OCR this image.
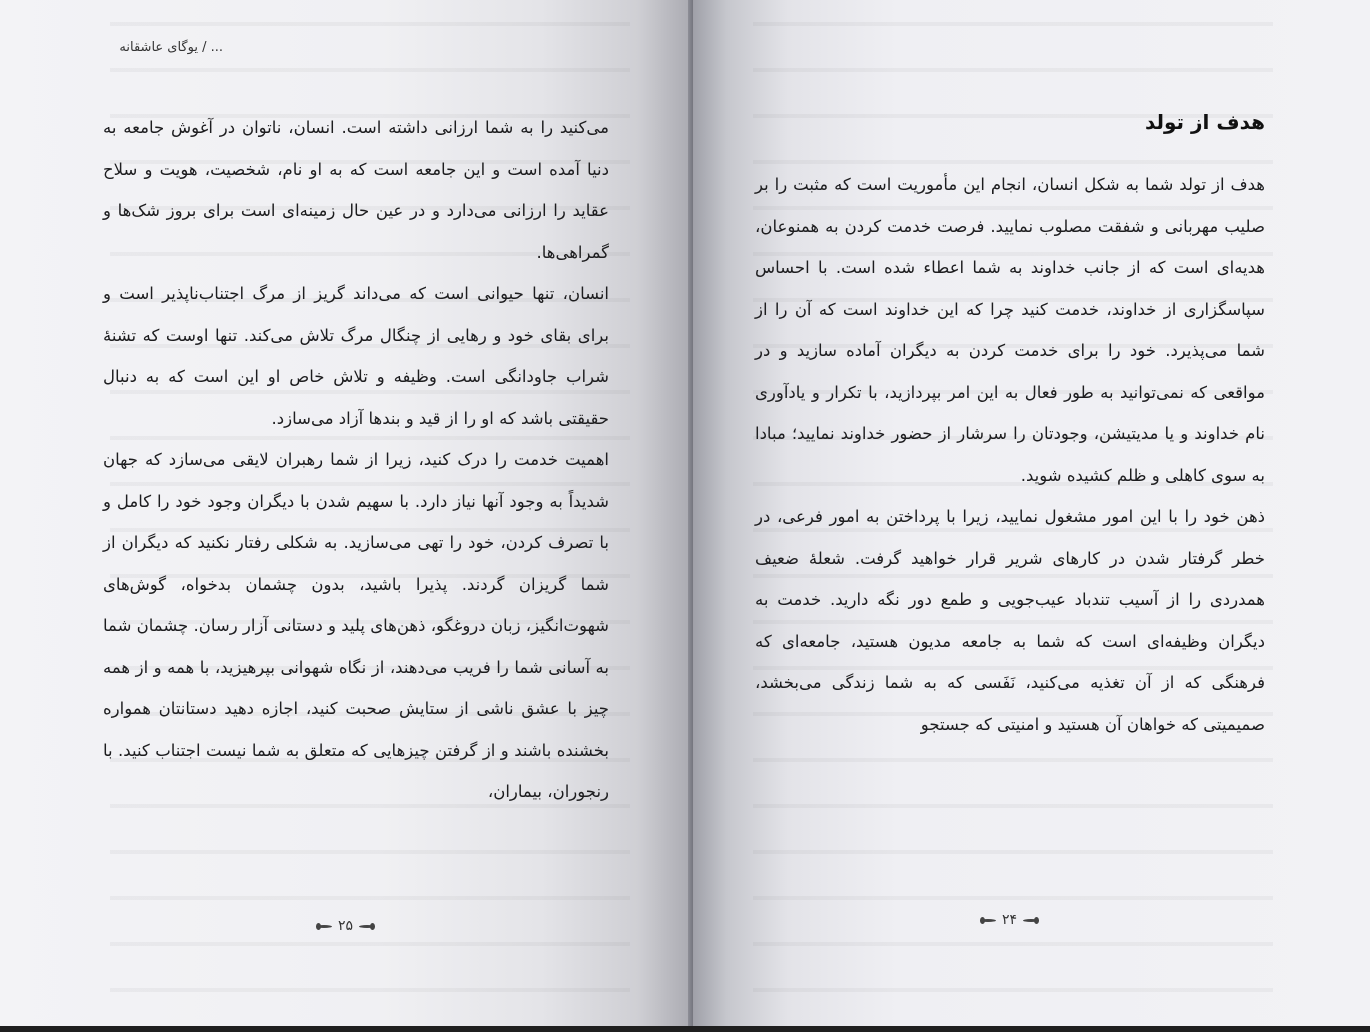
... / یوگای عاشقانه

می‌کنید را به شما ارزانی داشته است. انسان، ناتوان در آغوش جامعه به دنیا آمده است و این جامعه است که به او نام، شخصیت، هویت و سلاح عقاید را ارزانی می‌دارد و در عین حال زمینه‌ای است برای بروز شک‌ها و گمراهی‌ها.

انسان، تنها حیوانی است که می‌داند گریز از مرگ اجتناب‌ناپذیر است و برای بقای خود و رهایی از چنگال مرگ تلاش می‌کند. تنها اوست که تشنهٔ شراب جاودانگی است. وظیفه و تلاش خاص او این است که به دنبال حقیقتی باشد که او را از قید و بندها آزاد می‌سازد.

اهمیت خدمت را درک کنید، زیرا از شما رهبران لایقی می‌سازد که جهان شدیداً به وجود آنها نیاز دارد. با سهیم شدن با دیگران وجود خود را کامل و با تصرف کردن، خود را تهی می‌سازید. به شکلی رفتار نکنید که دیگران از شما گریزان گردند. پذیرا باشید، بدون چشمان بدخواه، گوش‌های شهوت‌انگیز، زبان دروغگو، ذهن‌های پلید و دستانی آزار رسان. چشمان شما به آسانی شما را فریب می‌دهند، از نگاه شهوانی بپرهیزید، با همه و از همه چیز با عشق ناشی از ستایش صحبت کنید، اجازه دهید دستانتان همواره بخشنده باشند و از گرفتن چیزهایی که متعلق به شما نیست اجتناب کنید. با رنجوران، بیماران،

۲۵
هدف از تولد

هدف از تولد شما به شکل انسان، انجام این مأموریت است که مثبت را بر صلیب مهربانی و شفقت مصلوب نمایید. فرصت خدمت کردن به همنوعان، هدیه‌ای است که از جانب خداوند به شما اعطاء شده است. با احساس سپاسگزاری از خداوند، خدمت کنید چرا که این خداوند است که آن را از شما می‌پذیرد. خود را برای خدمت کردن به دیگران آماده سازید و در مواقعی که نمی‌توانید به طور فعال به این امر بپردازید، با تکرار و یادآوری نام خداوند و یا مدیتیشن، وجودتان را سرشار از حضور خداوند نمایید؛ مبادا به سوی کاهلی و ظلم کشیده شوید.

ذهن خود را با این امور مشغول نمایید، زیرا با پرداختن به امور فرعی، در خطر گرفتار شدن در کارهای شریر قرار خواهید گرفت. شعلهٔ ضعیف همدردی را از آسیب تندباد عیب‌جویی و طمع دور نگه دارید. خدمت به دیگران وظیفه‌ای است که شما به جامعه مدیون هستید، جامعه‌ای که فرهنگی که از آن تغذیه می‌کنید، نَفَسی که به شما زندگی می‌بخشد، صمیمیتی که خواهان آن هستید و امنیتی که جستجو

۲۴
